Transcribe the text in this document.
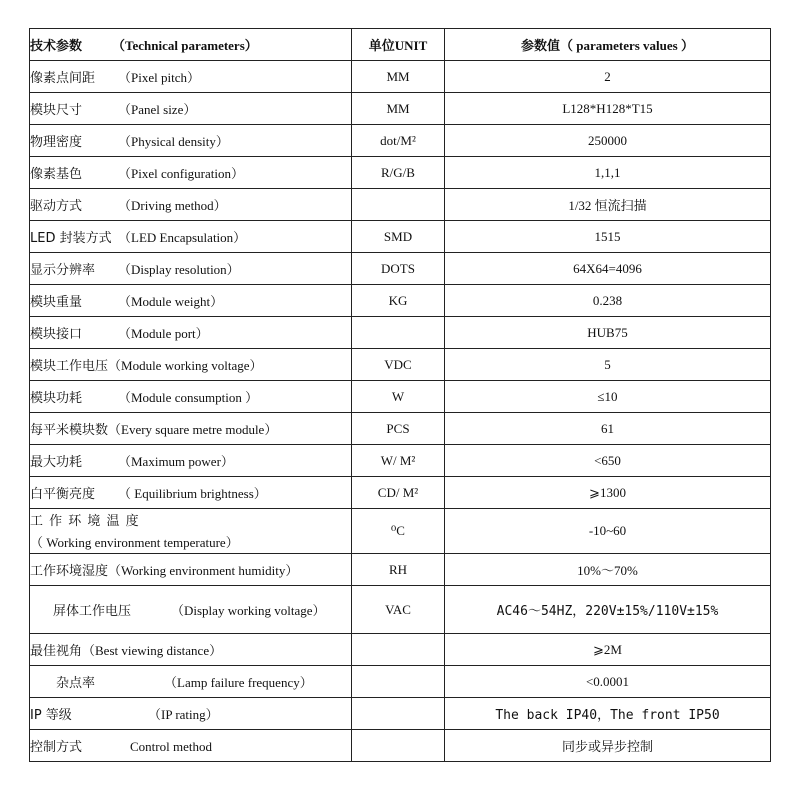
技术参数 （Technical parameters）	单位UNIT	参数值（ parameters values ）
像素点间距 （Pixel pitch）	MM	2
模块尺寸 （Panel size）	MM	L128*H128*T15
物理密度 （Physical density）	dot/M²	250000
像素基色 （Pixel configuration）	R/G/B	1,1,1
驱动方式 （Driving method）		1/32 恒流扫描
LED 封装方式 （LED Encapsulation）	SMD	1515
显示分辨率 （Display resolution）	DOTS	64X64=4096
模块重量 （Module weight）	KG	0.238
模块接口 （Module port）		HUB75
模块工作电压（Module working voltage）	VDC	5
模块功耗 （Module consumption ）	W	≤10
每平米模块数（Every square metre module）	PCS	61
最大功耗 （Maximum power）	W/ M²	<650
白平衡亮度 （ Equilibrium brightness）	CD/ M²	⩾1300
工 作 环 境 温 度 （ Working environment temperature）	⁰C	-10~60
工作环境湿度（Working environment humidity）	RH	10%～70%
屏体工作电压 （Display working voltage）	VAC	AC46～54HZ，220V±15%/110V±15%
最佳视角（Best viewing distance）		⩾2M
杂点率 （Lamp failure frequency）		<0.0001
IP 等级 （IP rating）		The back IP40，The front IP50
控制方式 Control method		同步或异步控制
